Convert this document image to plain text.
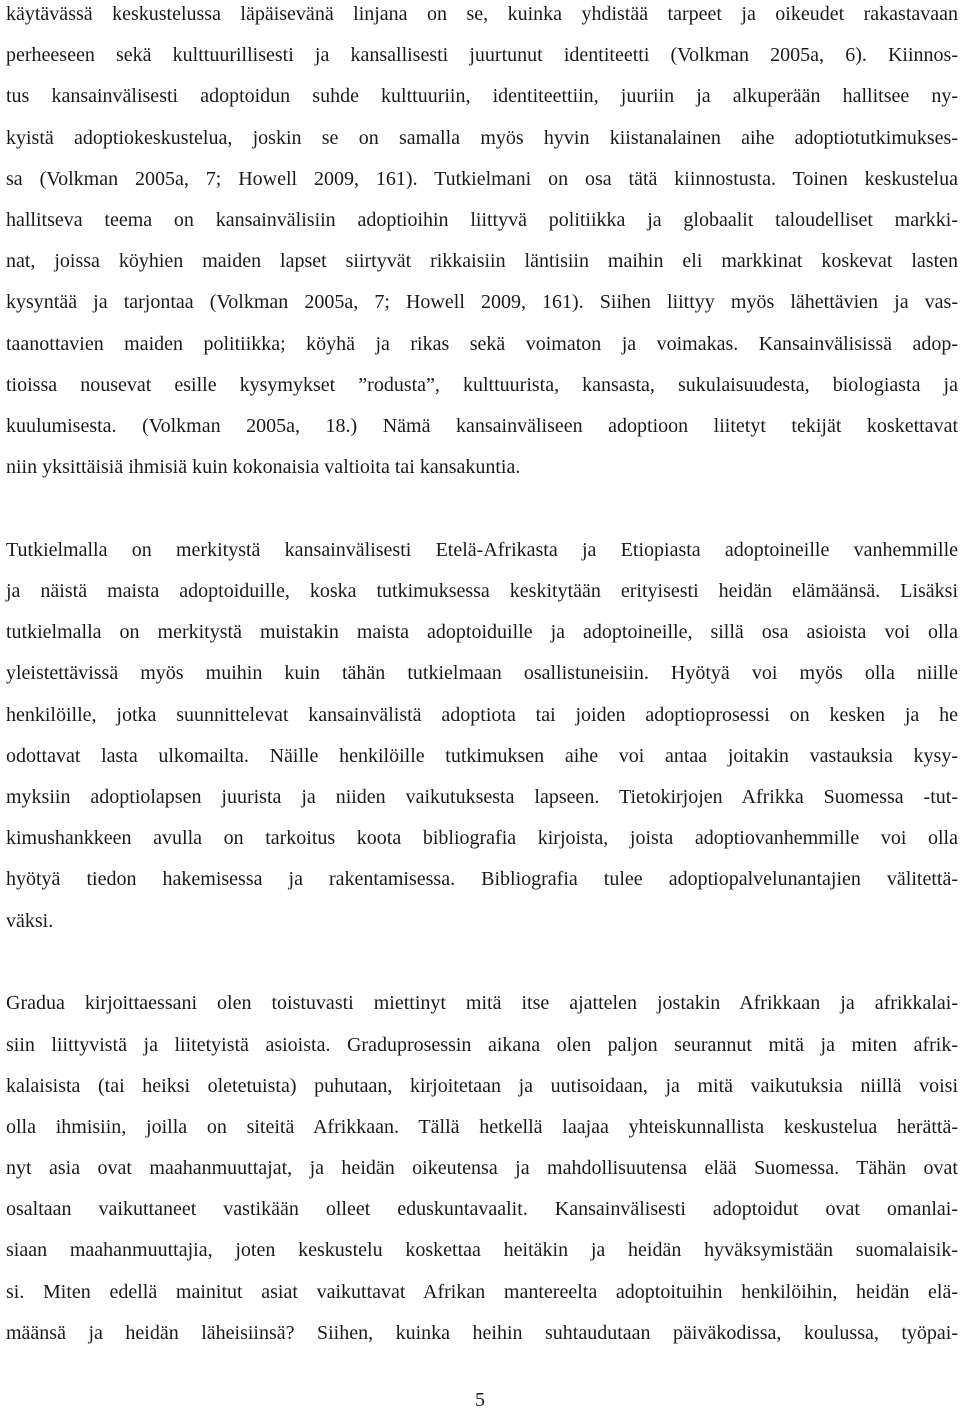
käytävässä keskustelussa läpäisevänä linjana on se, kuinka yhdistää tarpeet ja oikeudet rakastavaan
perheeseen sekä kulttuurillisesti ja kansallisesti juurtunut identiteetti (Volkman 2005a, 6). Kiinnos-
tus kansainvälisesti adoptoidun suhde kulttuuriin, identiteettiin, juuriin ja alkuperään hallitsee ny-
kyistä adoptiokeskustelua, joskin se on samalla myös hyvin kiistanalainen aihe adoptiotutkimukses-
sa (Volkman 2005a, 7; Howell 2009, 161). Tutkielmani on osa tätä kiinnostusta. Toinen keskustelua
hallitseva teema on kansainvälisiin adoptioihin liittyvä politiikka ja globaalit taloudelliset markki-
nat, joissa köyhien maiden lapset siirtyvät rikkaisiin läntisiin maihin eli markkinat koskevat lasten
kysyntää ja tarjontaa (Volkman 2005a, 7; Howell 2009, 161). Siihen liittyy myös lähettävien ja vas-
taanottavien maiden politiikka; köyhä ja rikas sekä voimaton ja voimakas. Kansainvälisissä adop-
tioissa nousevat esille kysymykset ”rodusta”, kulttuurista, kansasta, sukulaisuudesta, biologiasta ja
kuulumisesta. (Volkman 2005a, 18.) Nämä kansainväliseen adoptioon liitetyt tekijät koskettavat
niin yksittäisiä ihmisiä kuin kokonaisia valtioita tai kansakuntia.
Tutkielmalla on merkitystä kansainvälisesti Etelä-Afrikasta ja Etiopiasta adoptoineille vanhemmille
ja näistä maista adoptoiduille, koska tutkimuksessa keskitytään erityisesti heidän elämäänsä. Lisäksi
tutkielmalla on merkitystä muistakin maista adoptoiduille ja adoptoineille, sillä osa asioista voi olla
yleistettävissä myös muihin kuin tähän tutkielmaan osallistuneisiin. Hyötyä voi myös olla niille
henkilöille, jotka suunnittelevat kansainvälistä adoptiota tai joiden adoptioprosessi on kesken ja he
odottavat lasta ulkomailta. Näille henkilöille tutkimuksen aihe voi antaa joitakin vastauksia kysy-
myksiin adoptiolapsen juurista ja niiden vaikutuksesta lapseen. Tietokirjojen Afrikka Suomessa -tut-
kimushankkeen avulla on tarkoitus koota bibliografia kirjoista, joista adoptiovanhemmille voi olla
hyötyä tiedon hakemisessa ja rakentamisessa. Bibliografia tulee adoptiopalvelunantajien välitettä-
väksi.
Gradua kirjoittaessani olen toistuvasti miettinyt mitä itse ajattelen jostakin Afrikkaan ja afrikkalai-
siin liittyvistä ja liitetyistä asioista. Graduprosessin aikana olen paljon seurannut mitä ja miten afrik-
kalaisista (tai heiksi oletetuista) puhutaan, kirjoitetaan ja uutisoidaan, ja mitä vaikutuksia niillä voisi
olla ihmisiin, joilla on siteitä Afrikkaan. Tällä hetkellä laajaa yhteiskunnallista keskustelua herättä-
nyt asia ovat maahanmuuttajat, ja heidän oikeutensa ja mahdollisuutensa elää Suomessa. Tähän ovat
osaltaan vaikuttaneet vastikään olleet eduskuntavaalit. Kansainvälisesti adoptoidut ovat omanlai-
siaan maahanmuuttajia, joten keskustelu koskettaa heitäkin ja heidän hyväksymistään suomalaisik-
si. Miten edellä mainitut asiat vaikuttavat Afrikan mantereelta adoptoituihin henkilöihin, heidän elä-
määnsä ja heidän läheisiinsä? Siihen, kuinka heihin suhtaudutaan päiväkodissa, koulussa, työpai-
5
